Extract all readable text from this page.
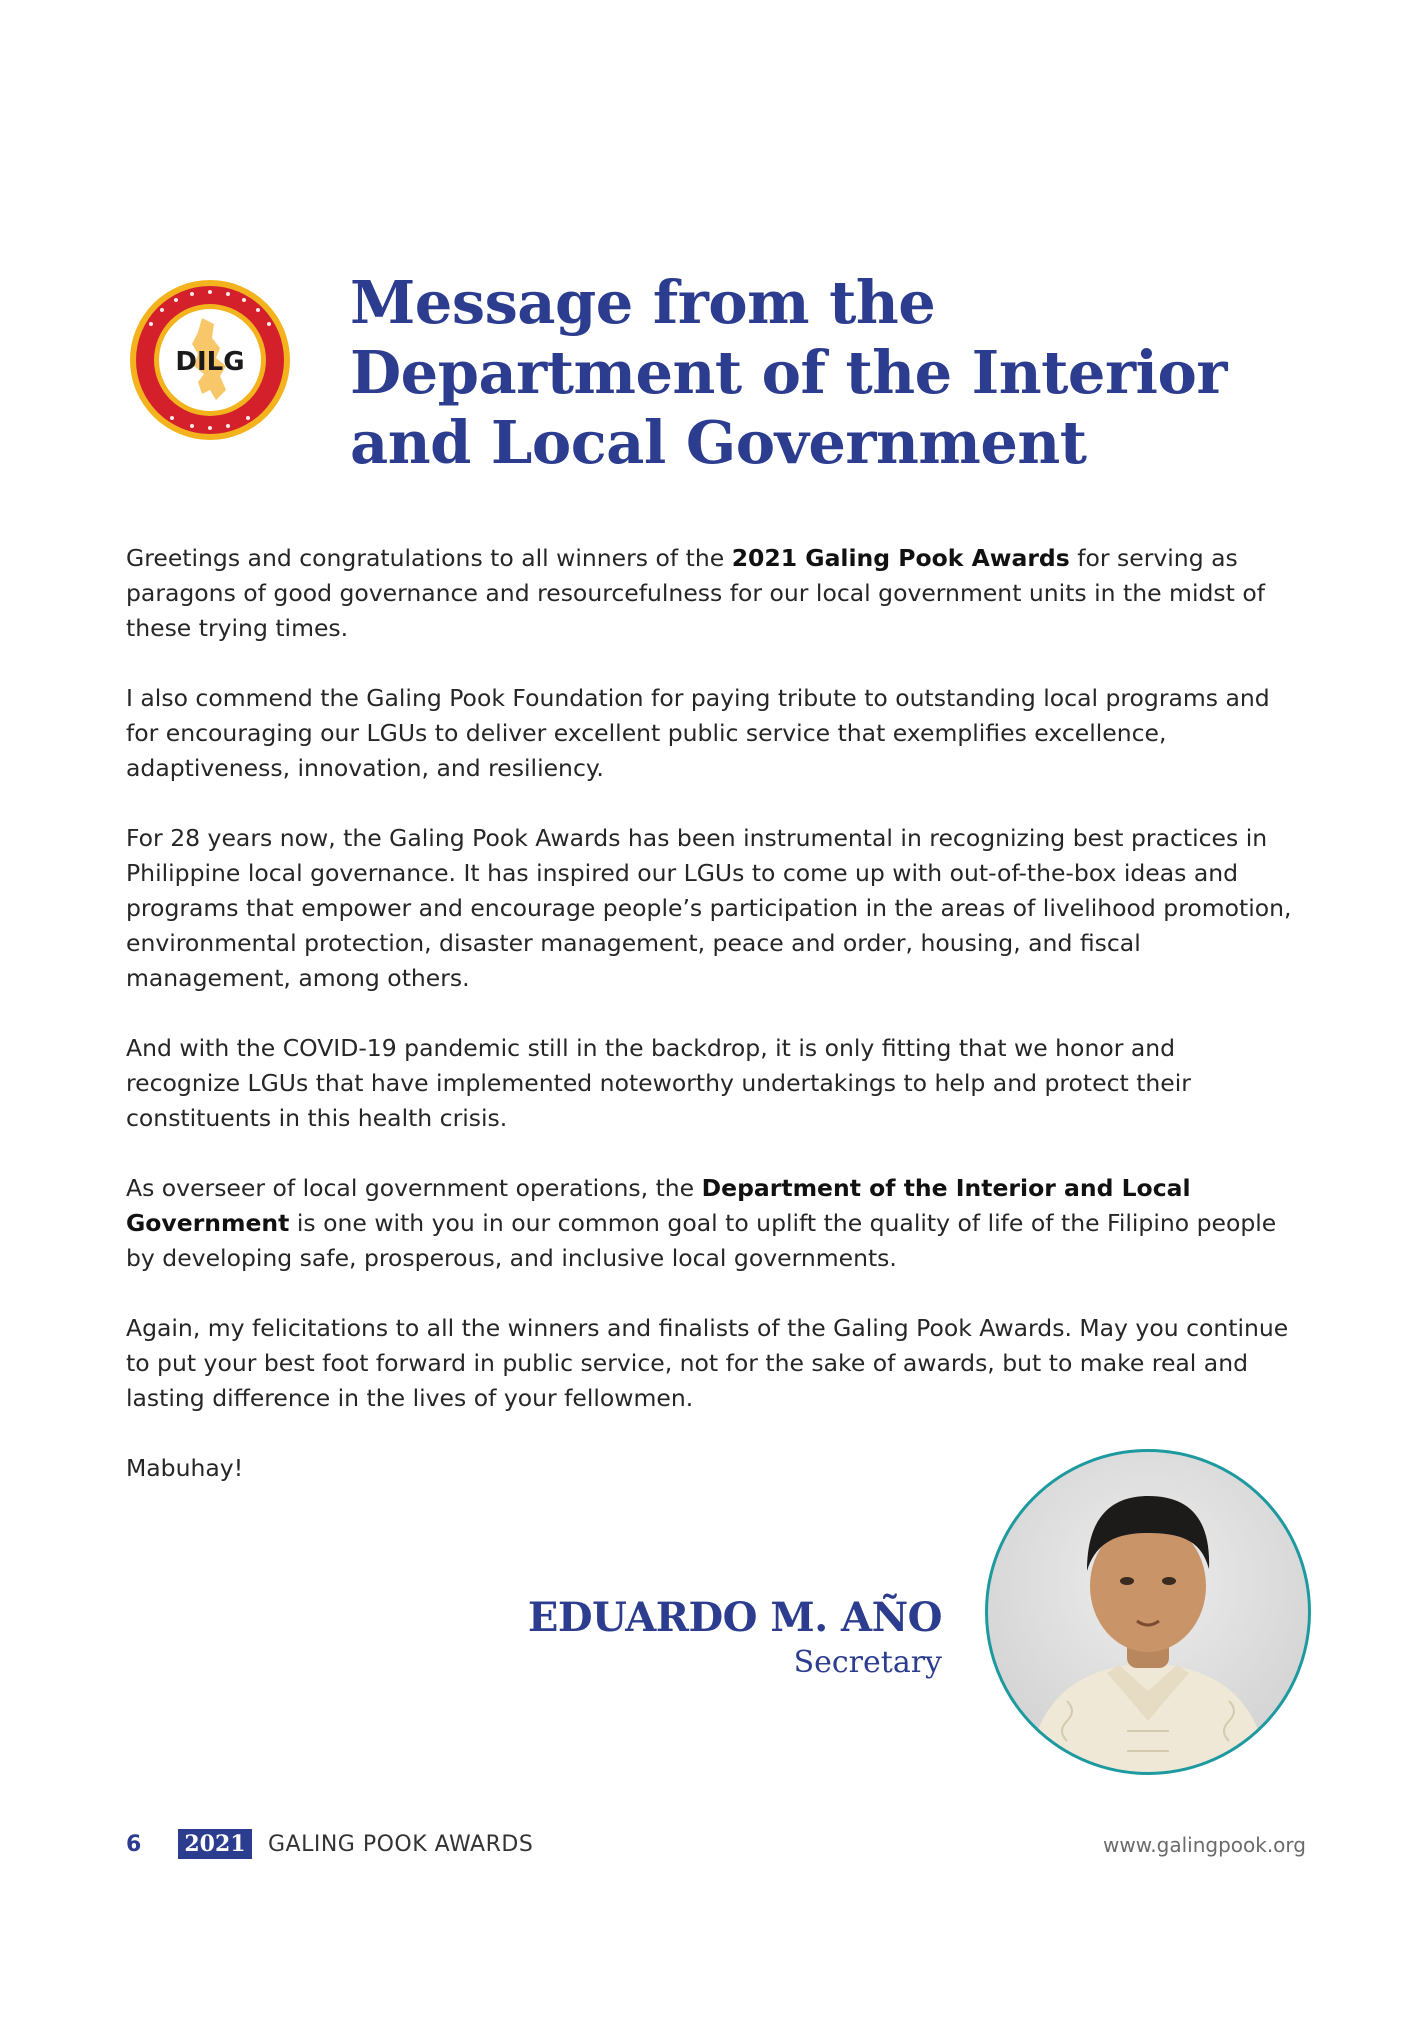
DILG
Message from the
Department of the Interior
and Local Government

Greetings and congratulations to all winners of the 2021 Galing Pook Awards for serving as paragons of good governance and resourcefulness for our local government units in the midst of these trying times.

I also commend the Galing Pook Foundation for paying tribute to outstanding local programs and for encouraging our LGUs to deliver excellent public service that exemplifies excellence, adaptiveness, innovation, and resiliency.

For 28 years now, the Galing Pook Awards has been instrumental in recognizing best practices in Philippine local governance. It has inspired our LGUs to come up with out-of-the-box ideas and programs that empower and encourage people’s participation in the areas of livelihood promotion, environmental protection, disaster management, peace and order, housing, and fiscal management, among others.

And with the COVID-19 pandemic still in the backdrop, it is only fitting that we honor and recognize LGUs that have implemented noteworthy undertakings to help and protect their constituents in this health crisis.

As overseer of local government operations, the Department of the Interior and Local Government is one with you in our common goal to uplift the quality of life of the Filipino people by developing safe, prosperous, and inclusive local governments.

Again, my felicitations to all the winners and finalists of the Galing Pook Awards. May you continue to put your best foot forward in public service, not for the sake of awards, but to make real and lasting difference in the lives of your fellowmen.

Mabuhay!

EDUARDO M. AÑO
Secretary
6 2021 GALING POOK AWARDS	www.galingpook.org
